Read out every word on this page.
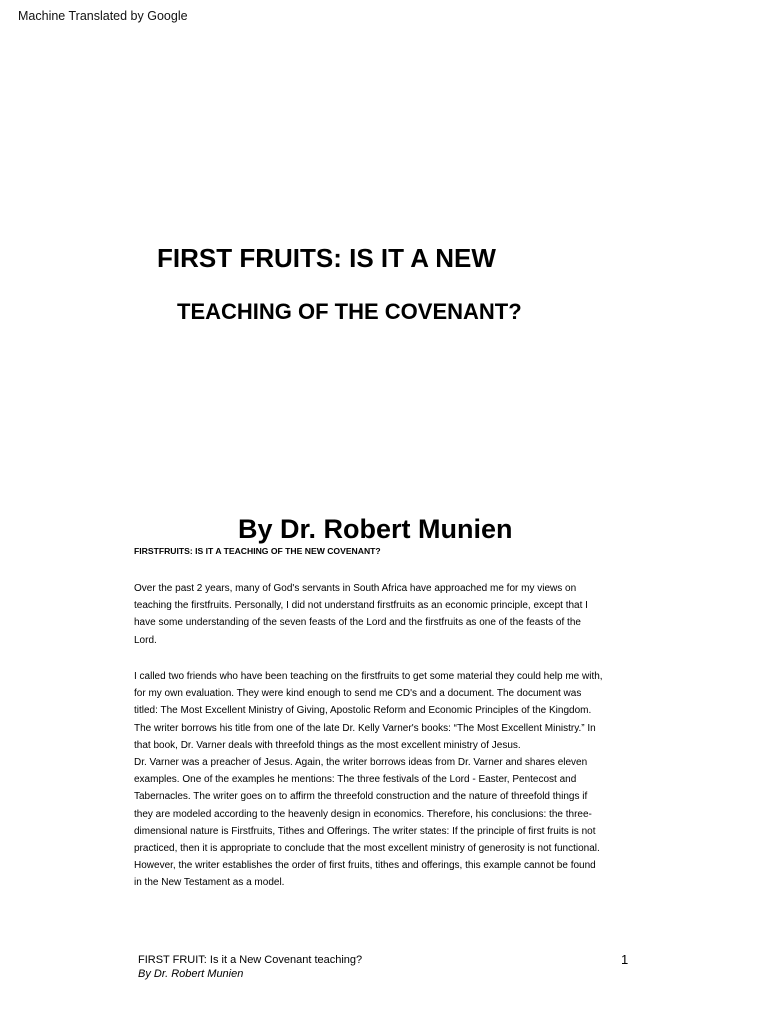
Machine Translated by Google
FIRST FRUITS: IS IT A NEW
TEACHING OF THE COVENANT?
By Dr. Robert Munien
FIRSTFRUITS: IS IT A TEACHING OF THE NEW COVENANT?
Over the past 2 years, many of God's servants in South Africa have approached me for my views on
teaching the firstfruits. Personally, I did not understand firstfruits as an economic principle, except that I
have some understanding of the seven feasts of the Lord and the firstfruits as one of the feasts of the
Lord.
I called two friends who have been teaching on the firstfruits to get some material they could help me with,
for my own evaluation. They were kind enough to send me CD's and a document. The document was
titled: The Most Excellent Ministry of Giving, Apostolic Reform and Economic Principles of the Kingdom.
The writer borrows his title from one of the late Dr. Kelly Varner's books: “The Most Excellent Ministry.” In
that book, Dr. Varner deals with threefold things as the most excellent ministry of Jesus.
Dr. Varner was a preacher of Jesus. Again, the writer borrows ideas from Dr. Varner and shares eleven
examples. One of the examples he mentions: The three festivals of the Lord - Easter, Pentecost and
Tabernacles. The writer goes on to affirm the threefold construction and the nature of threefold things if
they are modeled according to the heavenly design in economics. Therefore, his conclusions: the three-
dimensional nature is Firstfruits, Tithes and Offerings. The writer states: If the principle of first fruits is not
practiced, then it is appropriate to conclude that the most excellent ministry of generosity is not functional.
However, the writer establishes the order of first fruits, tithes and offerings, this example cannot be found
in the New Testament as a model.
FIRST FRUIT: Is it a New Covenant teaching?
By Dr. Robert Munien
1
